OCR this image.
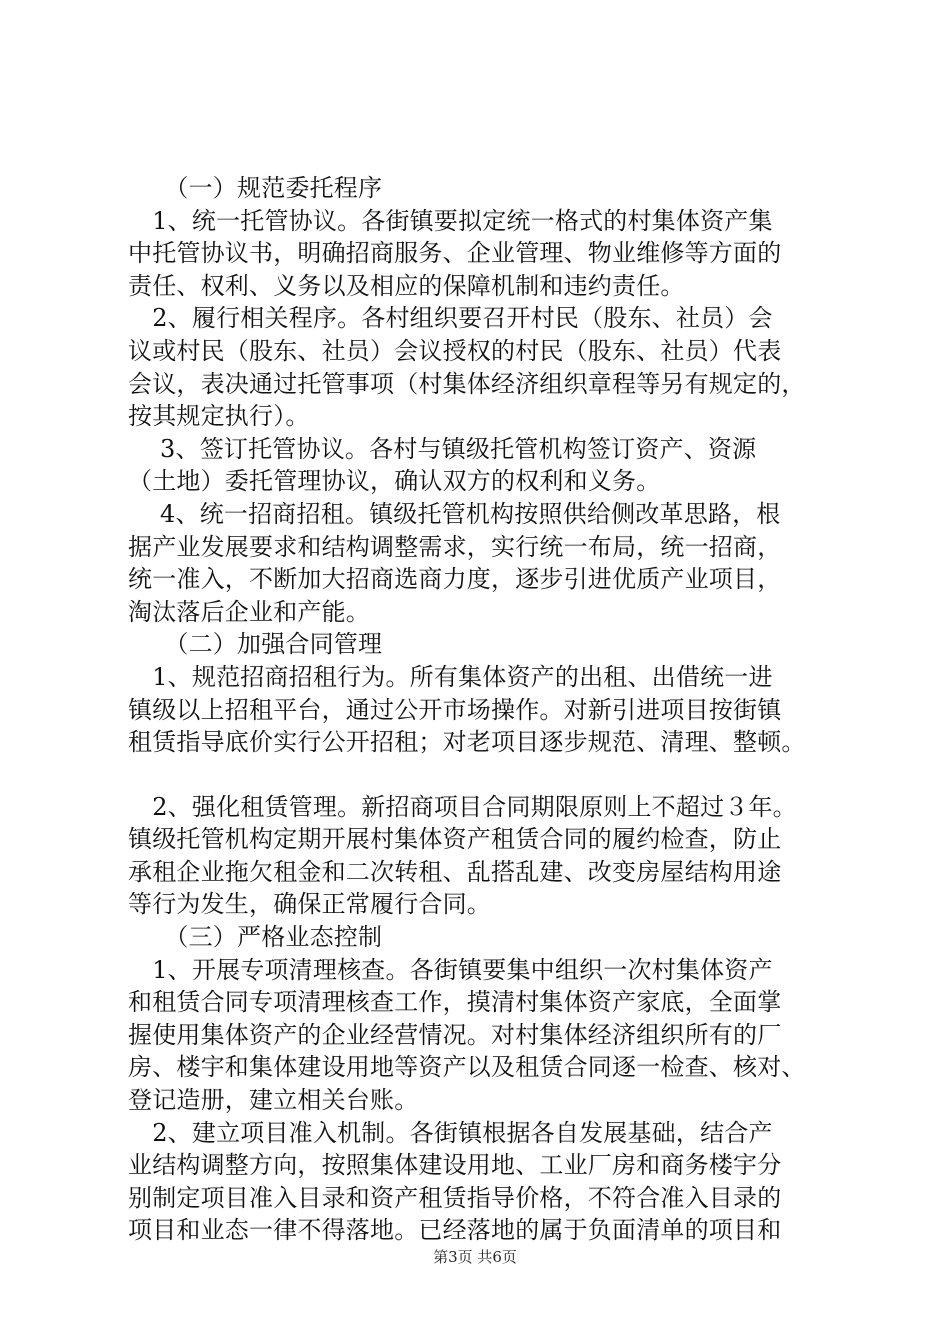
　　（一）规范委托程序
　1、统一托管协议。各街镇要拟定统一格式的村集体资产集
中托管协议书，明确招商服务、企业管理、物业维修等方面的
责任、权利、义务以及相应的保障机制和违约责任。
　2、履行相关程序。各村组织要召开村民（股东、社员）会
议或村民（股东、社员）会议授权的村民（股东、社员）代表
会议，表决通过托管事项（村集体经济组织章程等另有规定的，
按其规定执行）。
　 3、签订托管协议。各村与镇级托管机构签订资产、资源
（土地）委托管理协议，确认双方的权利和义务。
　 4、统一招商招租。镇级托管机构按照供给侧改革思路，根
据产业发展要求和结构调整需求，实行统一布局，统一招商，
统一准入，不断加大招商选商力度，逐步引进优质产业项目，
淘汰落后企业和产能。
　　（二）加强合同管理
　1、规范招商招租行为。所有集体资产的出租、出借统一进
镇级以上招租平台，通过公开市场操作。对新引进项目按街镇
租赁指导底价实行公开招租；对老项目逐步规范、清理、整顿。
　2、强化租赁管理。新招商项目合同期限原则上不超过３年。
镇级托管机构定期开展村集体资产租赁合同的履约检查，防止
承租企业拖欠租金和二次转租、乱搭乱建、改变房屋结构用途
等行为发生，确保正常履行合同。
　　（三）严格业态控制
　1、开展专项清理核查。各街镇要集中组织一次村集体资产
和租赁合同专项清理核查工作，摸清村集体资产家底，全面掌
握使用集体资产的企业经营情况。对村集体经济组织所有的厂
房、楼宇和集体建设用地等资产以及租赁合同逐一检查、核对、
登记造册，建立相关台账。
　2、建立项目准入机制。各街镇根据各自发展基础，结合产
业结构调整方向，按照集体建设用地、工业厂房和商务楼宇分
别制定项目准入目录和资产租赁指导价格，不符合准入目录的
项目和业态一律不得落地。已经落地的属于负面清单的项目和
第3页 共6页
